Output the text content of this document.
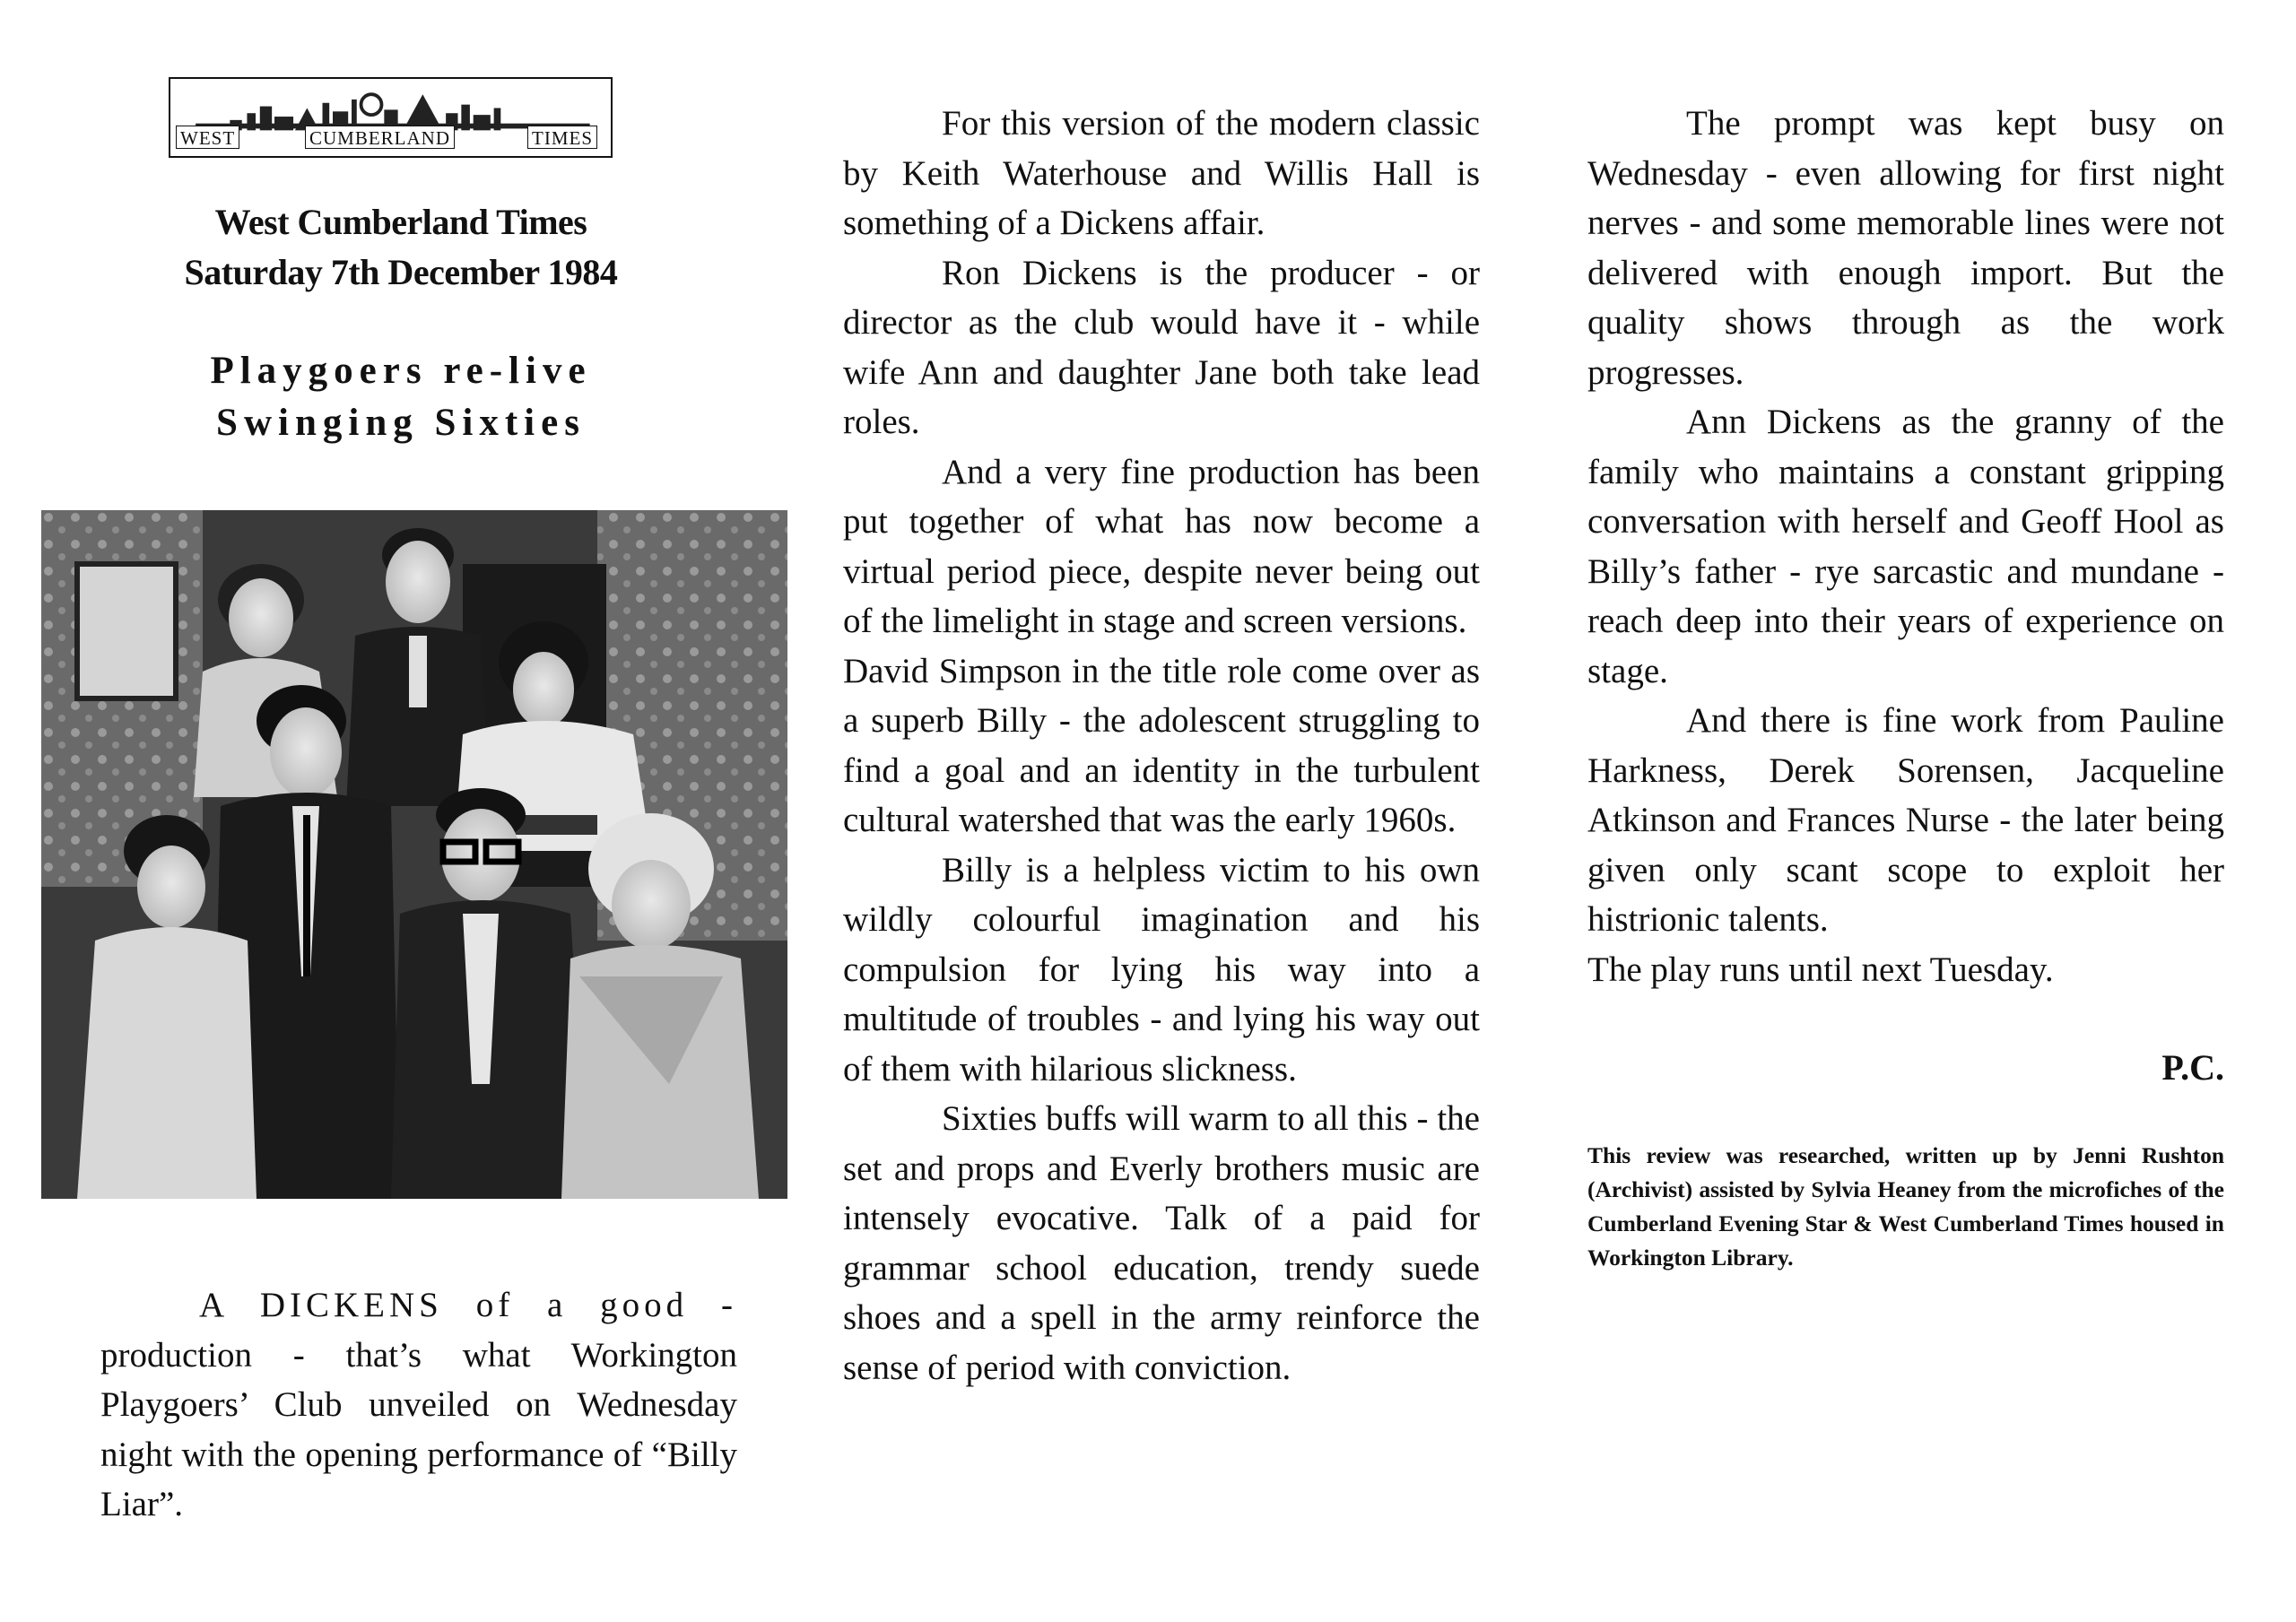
WEST	CUMBERLAND	TIMES
West Cumberland Times
Saturday 7th December 1984
Playgoers re-live
Swinging Sixties
A DICKENS of a good - production - that’s what Workington Playgoers’ Club unveiled on Wednesday night with the opening performance of “Billy Liar”.

For this version of the modern classic by Keith Waterhouse and Willis Hall is something of a Dickens affair.

Ron Dickens is the producer - or director as the club would have it - while wife Ann and daughter Jane both take lead roles.

And a very fine production has been put together of what has now become a virtual period piece, despite never being out of the limelight in stage and screen versions.

David Simpson in the title role come over as a superb Billy - the adolescent struggling to find a goal and an identity in the turbulent cultural watershed that was the early 1960s.

Billy is a helpless victim to his own wildly colourful imagination and his compulsion for lying his way into a multitude of troubles - and lying his way out of them with hilarious slickness.

Sixties buffs will warm to all this - the set and props and Everly brothers music are intensely evocative. Talk of a paid for grammar school education, trendy suede shoes and a spell in the army reinforce the sense of period with conviction.

The prompt was kept busy on Wednesday - even allowing for first night nerves - and some memorable lines were not delivered with enough import. But the quality shows through as the work progresses.

Ann Dickens as the granny of the family who maintains a constant gripping conversation with herself and Geoff Hool as Billy’s father - rye sarcastic and mundane - reach deep into their years of experience on stage.

And there is fine work from Pauline Harkness, Derek Sorensen, Jacqueline Atkinson and Frances Nurse - the later being given only scant scope to exploit her histrionic talents.

The play runs until next Tuesday.

P.C.
This review was researched, written up by Jenni Rushton (Archivist) assisted by Sylvia Heaney from the microfiches of the Cumberland Evening Star & West Cumberland Times housed in Workington Library.
